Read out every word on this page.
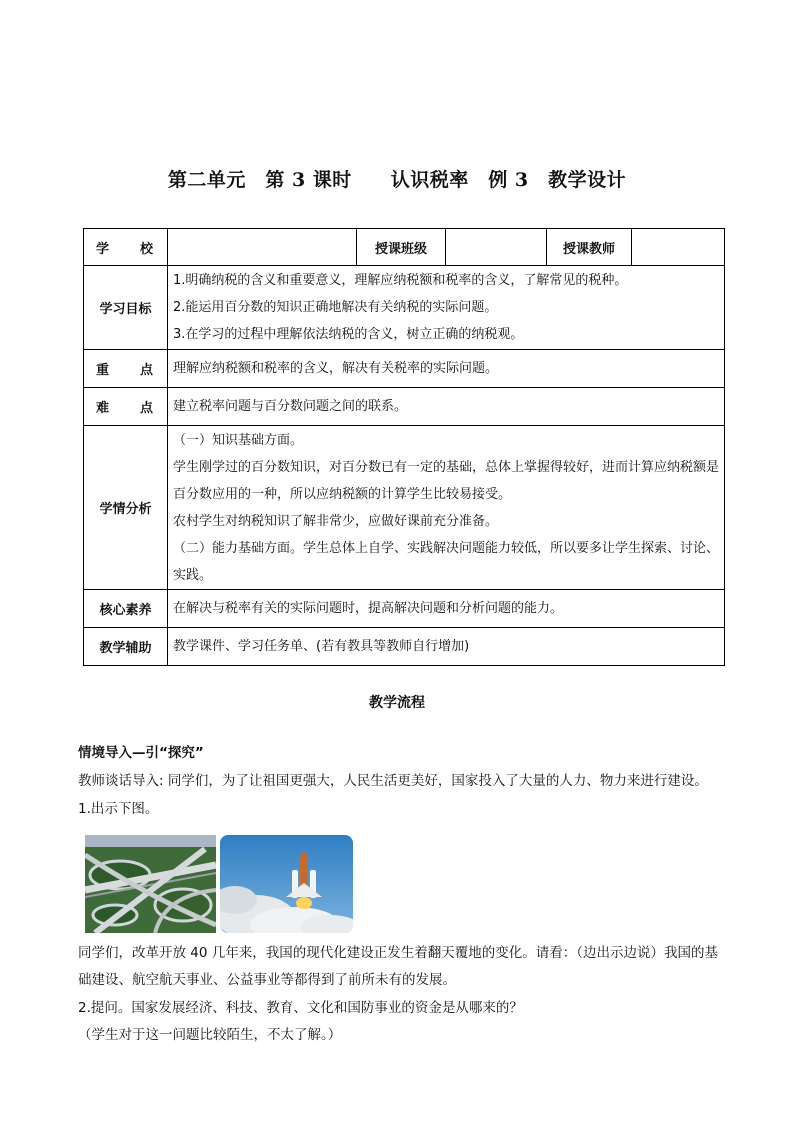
第二单元　第 3 课时　　认识税率　例 3　教学设计
学　　校		授课班级		授课教师	
学习目标	1.明确纳税的含义和重要意义，理解应纳税额和税率的含义，了解常见的税种。

2.能运用百分数的知识正确地解决有关纳税的实际问题。

3.在学习的过程中理解依法纳税的含义，树立正确的纳税观。				

重　　点	理解应纳税额和税率的含义，解决有关税率的实际问题。				
难　　点	建立税率问题与百分数问题之间的联系。				
学情分析	（一）知识基础方面。

学生刚学过的百分数知识，对百分数已有一定的基础，总体上掌握得较好，进而计算应纳税额是百分数应用的一种，所以应纳税额的计算学生比较易接受。

农村学生对纳税知识了解非常少，应做好课前充分准备。

（二）能力基础方面。学生总体上自学、实践解决问题能力较低，所以要多让学生探索、讨论、实践。				

核心素养	在解决与税率有关的实际问题时，提高解决问题和分析问题的能力。				
教学辅助	教学课件、学习任务单、(若有教具等教师自行增加)				
教学流程
情境导入—引“探究”
教师谈话导入: 同学们，为了让祖国更强大，人民生活更美好，国家投入了大量的人力、物力来进行建设。
1.出示下图。
同学们，改革开放 40 几年来，我国的现代化建设正发生着翻天覆地的变化。请看：（边出示边说）我国的基础建设、航空航天事业、公益事业等都得到了前所未有的发展。
2.提问。国家发展经济、科技、教育、文化和国防事业的资金是从哪来的？
（学生对于这一问题比较陌生，不太了解。）
